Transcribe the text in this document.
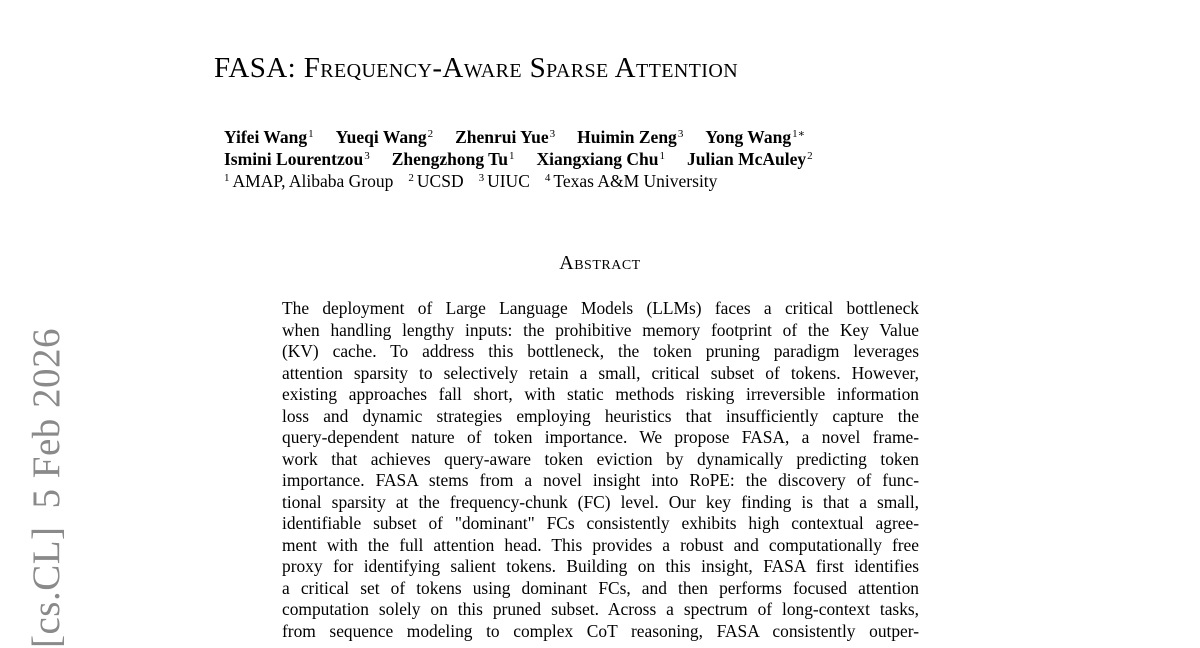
[cs.CL]5 Feb 2026
FASA: Frequency-Aware Sparse Attention
Yifei Wang$^1$ Yueqi Wang$^2$ Zhenrui Yue$^3$ Huimin Zeng$^3$ Yong Wang$^{1∗}$
Ismini Lourentzou$^3$ Zhengzhong Tu$^1$ Xiangxiang Chu$^1$ Julian McAuley$^2$
$^1$ AMAP, Alibaba Group $^2$ UCSD $^3$ UIUC $^4$ Texas A&M University
Abstract
The deployment of Large Language Models (LLMs) faces a critical bottleneck
when handling lengthy inputs: the prohibitive memory footprint of the Key Value
(KV) cache. To address this bottleneck, the token pruning paradigm leverages
attention sparsity to selectively retain a small, critical subset of tokens. However,
existing approaches fall short, with static methods risking irreversible information
loss and dynamic strategies employing heuristics that insufficiently capture the
query-dependent nature of token importance. We propose FASA, a novel frame-
work that achieves query-aware token eviction by dynamically predicting token
importance. FASA stems from a novel insight into RoPE: the discovery of func-
tional sparsity at the frequency-chunk (FC) level. Our key finding is that a small,
identifiable subset of "dominant" FCs consistently exhibits high contextual agree-
ment with the full attention head. This provides a robust and computationally free
proxy for identifying salient tokens. Building on this insight, FASA first identifies
a critical set of tokens using dominant FCs, and then performs focused attention
computation solely on this pruned subset. Across a spectrum of long-context tasks,
from sequence modeling to complex CoT reasoning, FASA consistently outper-
